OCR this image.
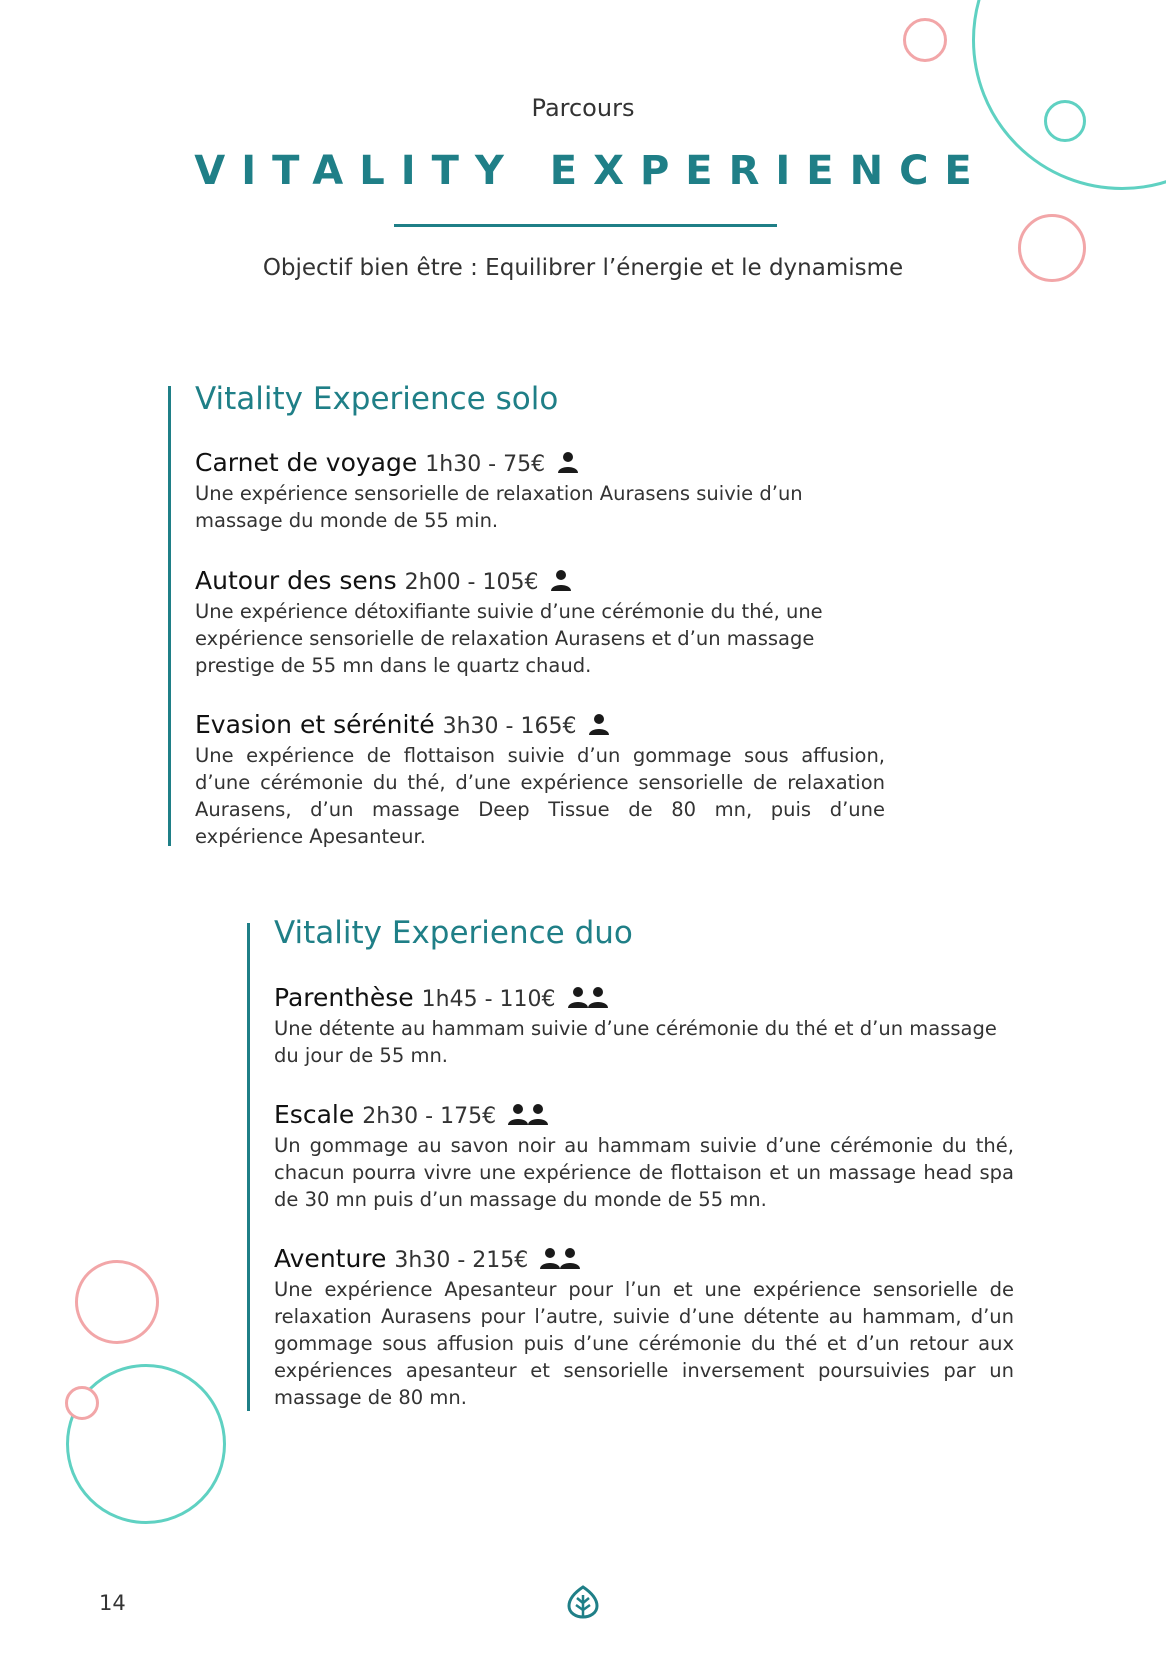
Parcours
VITALITY EXPERIENCE
Objectif bien être : Equilibrer l’énergie et le dynamisme
Vitality Experience solo
Carnet de voyage 1h30 - 75€
Une expérience sensorielle de relaxation Aurasens suivie d’un massage du monde de 55 min.
Autour des sens 2h00 - 105€
Une expérience détoxifiante suivie d’une cérémonie du thé, une expérience sensorielle de relaxation Aurasens et d’un massage prestige de 55 mn dans le quartz chaud.
Evasion et sérénité 3h30 - 165€
Une expérience de flottaison suivie d’un gommage sous affusion, d’une cérémonie du thé, d’une expérience sensorielle de relaxation Aurasens, d’un massage Deep Tissue de 80 mn, puis d’une expérience Apesanteur.
Vitality Experience duo
Parenthèse 1h45 - 110€
Une détente au hammam suivie d’une cérémonie du thé et d’un massage du jour de 55 mn.
Escale 2h30 - 175€
Un gommage au savon noir au hammam suivie d’une cérémonie du thé, chacun pourra vivre une expérience de flottaison et un massage head spa de 30 mn puis d’un massage du monde de 55 mn.
Aventure 3h30 - 215€
Une expérience Apesanteur pour l’un et une expérience sensorielle de relaxation Aurasens pour l’autre, suivie d’une détente au hammam, d’un gommage sous affusion puis d’une cérémonie du thé et d’un retour aux expériences apesanteur et sensorielle inversement poursuivies par un massage de 80 mn.
14
